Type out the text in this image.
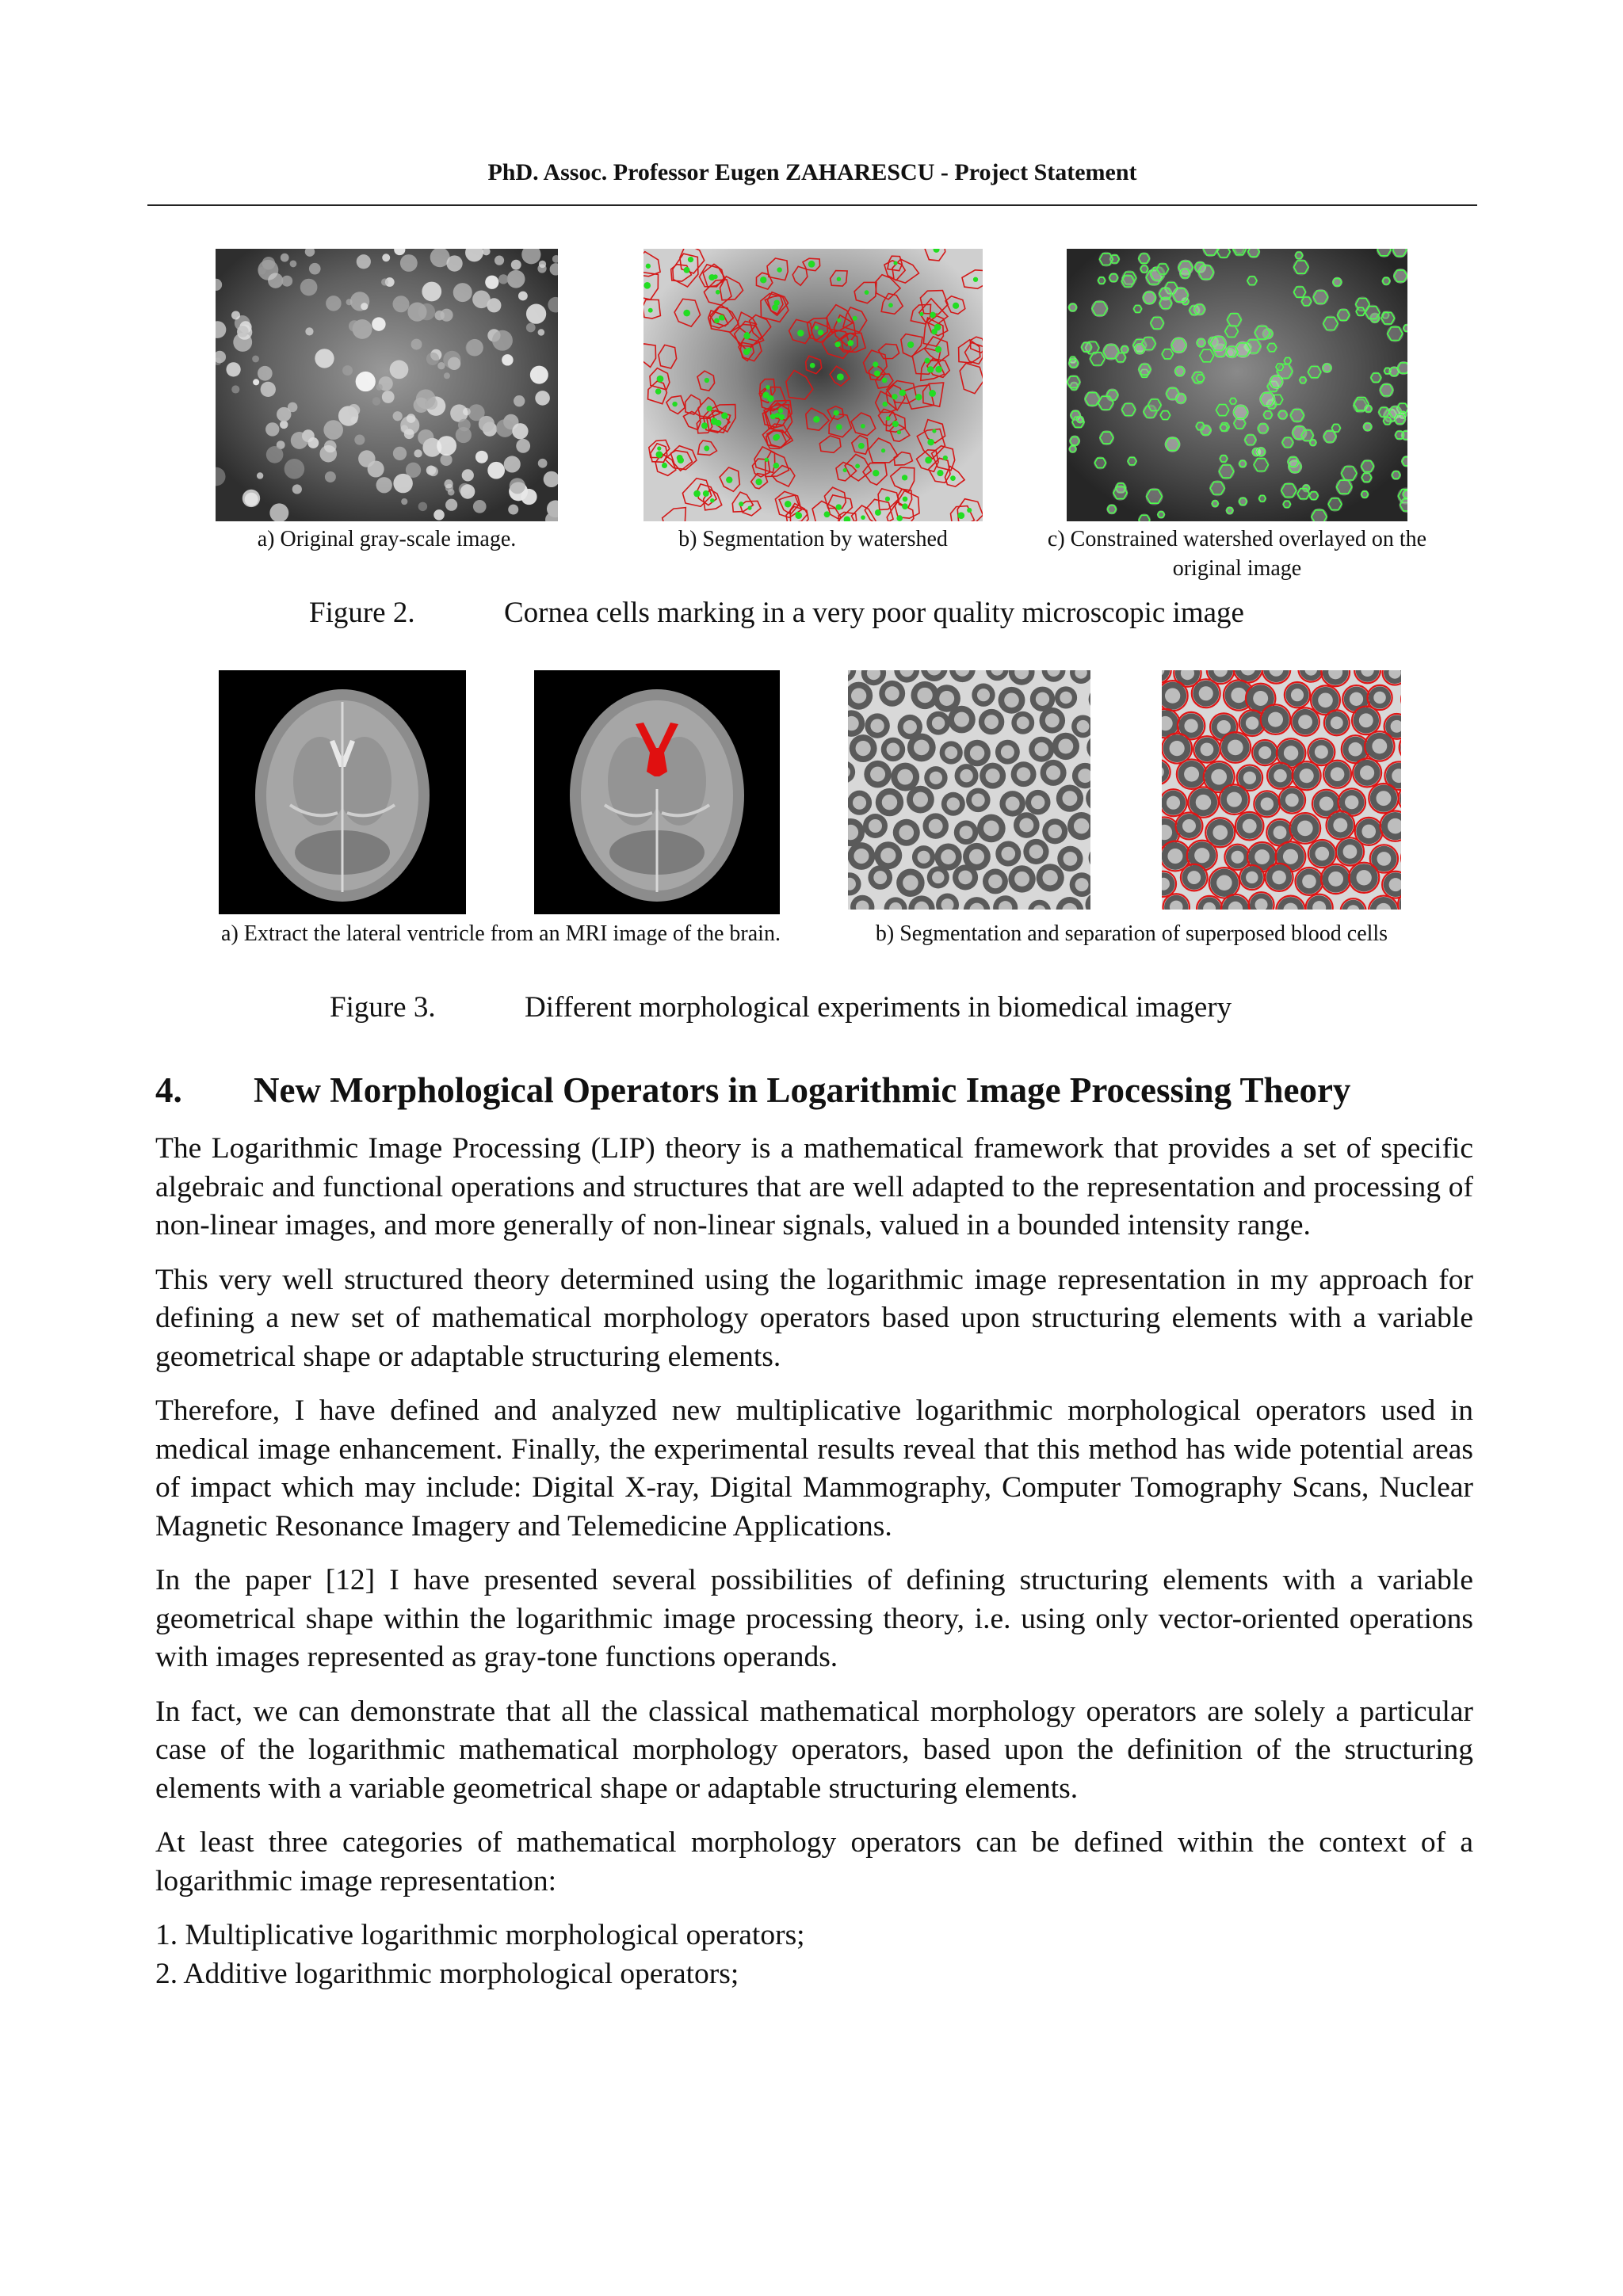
PhD. Assoc. Professor Eugen ZAHARESCU - Project Statement
a) Original gray-scale image.	b) Segmentation by watershed	c) Constrained watershed overlayed on the original image
Figure 2.	Cornea cells marking in a very poor quality microscopic image
a) Extract the lateral ventricle from an MRI image of the brain.	b) Segmentation and separation of superposed blood cells
Figure 3.	Different morphological experiments in biomedical imagery
4. New Morphological Operators in Logarithmic Image Processing Theory

The Logarithmic Image Processing (LIP) theory is a mathematical framework that provides a set of specific algebraic and functional operations and structures that are well adapted to the representation and processing of non-linear images, and more generally of non-linear signals, valued in a bounded intensity range.

This very well structured theory determined using the logarithmic image representation in my approach for defining a new set of mathematical morphology operators based upon structuring elements with a variable geometrical shape or adaptable structuring elements.

Therefore, I have defined and analyzed new multiplicative logarithmic morphological operators used in medical image enhancement. Finally, the experimental results reveal that this method has wide potential areas of impact which may include: Digital X-ray, Digital Mammography, Computer Tomography Scans, Nuclear Magnetic Resonance Imagery and Telemedicine Applications.

In the paper [12] I have presented several possibilities of defining structuring elements with a variable geometrical shape within the logarithmic image processing theory, i.e. using only vector-oriented operations with images represented as gray-tone functions operands.

In fact, we can demonstrate that all the classical mathematical morphology operators are solely a particular case of the logarithmic mathematical morphology operators, based upon the definition of the structuring elements with a variable geometrical shape or adaptable structuring elements.

At least three categories of mathematical morphology operators can be defined within the context of a logarithmic image representation:

1. Multiplicative logarithmic morphological operators;

2. Additive logarithmic morphological operators;
